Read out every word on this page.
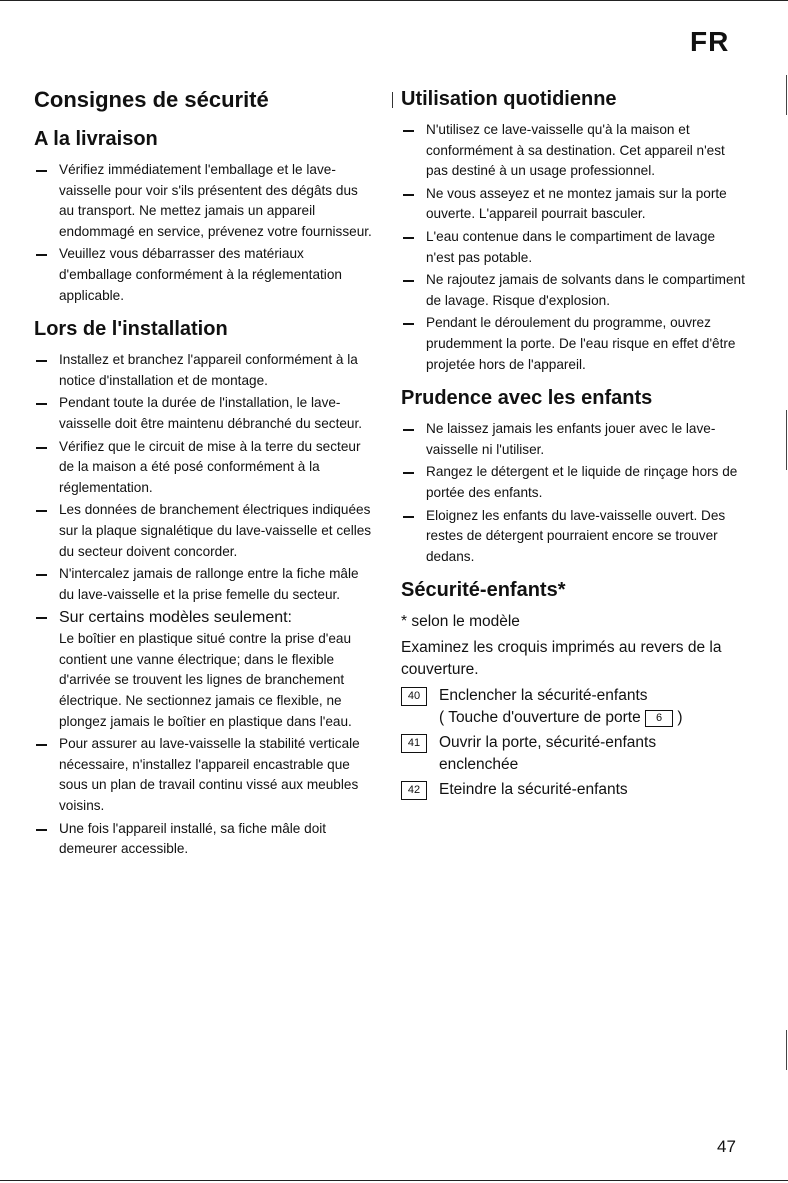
FR
Consignes de sécurité
A la livraison
Vérifiez immédiatement l'emballage et le lave-vaisselle pour voir s'ils présentent des dégâts dus au transport. Ne mettez jamais un appareil endommagé en service, prévenez votre fournisseur.
Veuillez vous débarrasser des matériaux d'emballage conformément à la réglementation applicable.
Lors de l'installation
Installez et branchez l'appareil conformément à la notice d'installation et de montage.
Pendant toute la durée de l'installation, le lave-vaisselle doit être maintenu débranché du secteur.
Vérifiez que le circuit de mise à la terre du secteur de la maison a été posé conformément à la réglementation.
Les données de branchement électriques indiquées sur la plaque signalétique du lave-vaisselle et celles du secteur doivent concorder.
N'intercalez jamais de rallonge entre la fiche mâle du lave-vaisselle et la prise femelle du secteur.
Sur certains modèles seulement:
Le boîtier en plastique situé contre la prise d'eau contient une vanne électrique; dans le flexible d'arrivée se trouvent les lignes de branchement électrique. Ne sectionnez jamais ce flexible, ne plongez jamais le boîtier en plastique dans l'eau.
Pour assurer au lave-vaisselle la stabilité verticale nécessaire, n'installez l'appareil encastrable que sous un plan de travail continu vissé aux meubles voisins.
Une fois l'appareil installé, sa fiche mâle doit demeurer accessible.
Utilisation quotidienne
N'utilisez ce lave-vaisselle qu'à la maison et conformément à sa destination. Cet appareil n'est pas destiné à un usage professionnel.
Ne vous asseyez et ne montez jamais sur la porte ouverte. L'appareil pourrait basculer.
L'eau contenue dans le compartiment de lavage n'est pas potable.
Ne rajoutez jamais de solvants dans le compartiment de lavage. Risque d'explosion.
Pendant le déroulement du programme, ouvrez prudemment la porte. De l'eau risque en effet d'être projetée hors de l'appareil.
Prudence avec les enfants
Ne laissez jamais les enfants jouer avec le lave-vaisselle ni l'utiliser.
Rangez le détergent et le liquide de rinçage hors de portée des enfants.
Eloignez les enfants du lave-vaisselle ouvert. Des restes de détergent pourraient encore se trouver dedans.
Sécurité-enfants*

* selon le modèle

Examinez les croquis imprimés au revers de la couverture.

40	Enclencher la sécurité-enfants
( Touche d'ouverture de porte 6 )
41	Ouvrir la porte, sécurité-enfants
enclenchée
42	Eteindre la sécurité-enfants
47
